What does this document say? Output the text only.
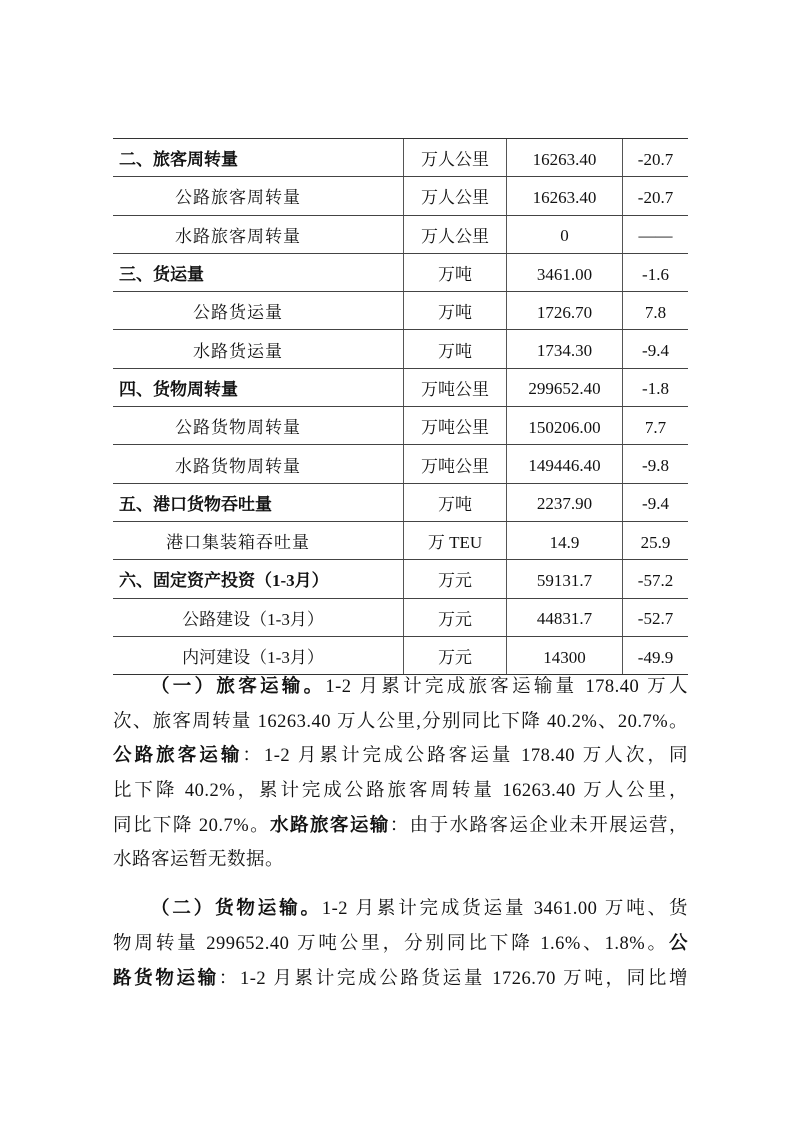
二、旅客周转量	万人公里	16263.40	-20.7
公路旅客周转量	万人公里	16263.40	-20.7
水路旅客周转量	万人公里	0	——
三、货运量	万吨	3461.00	-1.6
公路货运量	万吨	1726.70	7.8
水路货运量	万吨	1734.30	-9.4
四、货物周转量	万吨公里	299652.40	-1.8
公路货物周转量	万吨公里	150206.00	7.7
水路货物周转量	万吨公里	149446.40	-9.8
五、港口货物吞吐量	万吨	2237.90	-9.4
港口集装箱吞吐量	万 TEU	14.9	25.9
六、固定资产投资（1-3月）	万元	59131.7	-57.2
公路建设（1-3月）	万元	44831.7	-52.7
内河建设（1-3月）	万元	14300	-49.9
（一）旅客运输。1-2 月累计完成旅客运输量 178.40 万人
次、旅客周转量 16263.40 万人公里,分别同比下降 40.2%、20.7%。
公路旅客运输：1-2 月累计完成公路客运量 178.40 万人次，同
比下降 40.2%，累计完成公路旅客周转量 16263.40 万人公里，
同比下降 20.7%。水路旅客运输：由于水路客运企业未开展运营，
水路客运暂无数据。
（二）货物运输。1-2 月累计完成货运量 3461.00 万吨、货
物周转量 299652.40 万吨公里，分别同比下降 1.6%、1.8%。公
路货物运输：1-2 月累计完成公路货运量 1726.70 万吨，同比增
